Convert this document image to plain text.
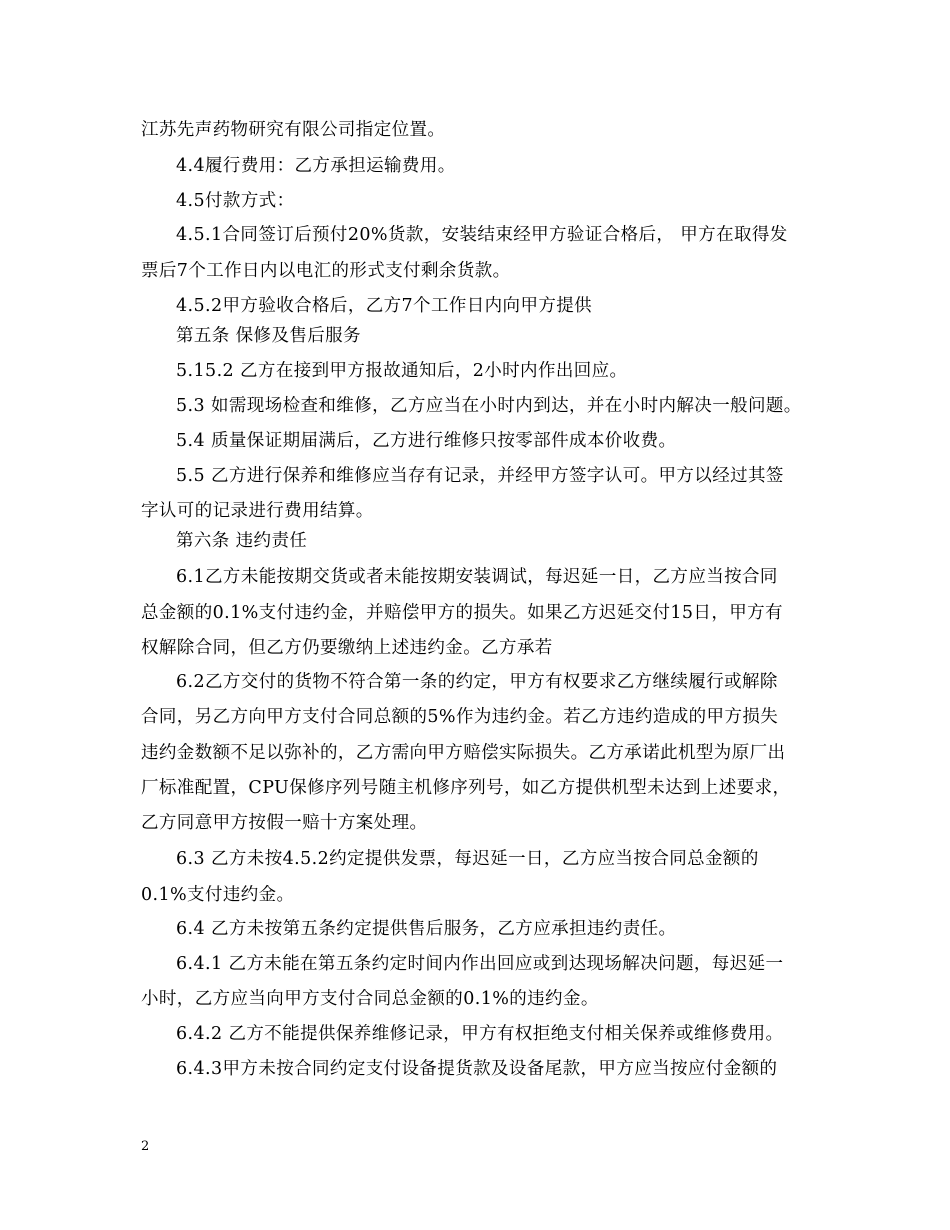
江苏先声药物研究有限公司指定位置。
4.4履行费用：乙方承担运输费用。
4.5付款方式：
4.5.1合同签订后预付20%货款，安装结束经甲方验证合格后， 甲方在取得发
票后7个工作日内以电汇的形式支付剩余货款。
4.5.2甲方验收合格后，乙方7个工作日内向甲方提供
第五条 保修及售后服务
5.15.2 乙方在接到甲方报故通知后，2小时内作出回应。
5.3 如需现场检查和维修，乙方应当在小时内到达，并在小时内解决一般问题。
5.4 质量保证期届满后，乙方进行维修只按零部件成本价收费。
5.5 乙方进行保养和维修应当存有记录，并经甲方签字认可。甲方以经过其签
字认可的记录进行费用结算。
第六条 违约责任
6.1乙方未能按期交货或者未能按期安装调试，每迟延一日，乙方应当按合同
总金额的0.1%支付违约金，并赔偿甲方的损失。如果乙方迟延交付15日，甲方有
权解除合同，但乙方仍要缴纳上述违约金。乙方承若
6.2乙方交付的货物不符合第一条的约定，甲方有权要求乙方继续履行或解除
合同，另乙方向甲方支付合同总额的5%作为违约金。若乙方违约造成的甲方损失
违约金数额不足以弥补的，乙方需向甲方赔偿实际损失。乙方承诺此机型为原厂出
厂标准配置，CPU保修序列号随主机修序列号，如乙方提供机型未达到上述要求，
乙方同意甲方按假一赔十方案处理。
6.3 乙方未按4.5.2约定提供发票，每迟延一日，乙方应当按合同总金额的
0.1%支付违约金。
6.4 乙方未按第五条约定提供售后服务，乙方应承担违约责任。
6.4.1 乙方未能在第五条约定时间内作出回应或到达现场解决问题，每迟延一
小时，乙方应当向甲方支付合同总金额的0.1%的违约金。
6.4.2 乙方不能提供保养维修记录，甲方有权拒绝支付相关保养或维修费用。
6.4.3甲方未按合同约定支付设备提货款及设备尾款，甲方应当按应付金额的
2
